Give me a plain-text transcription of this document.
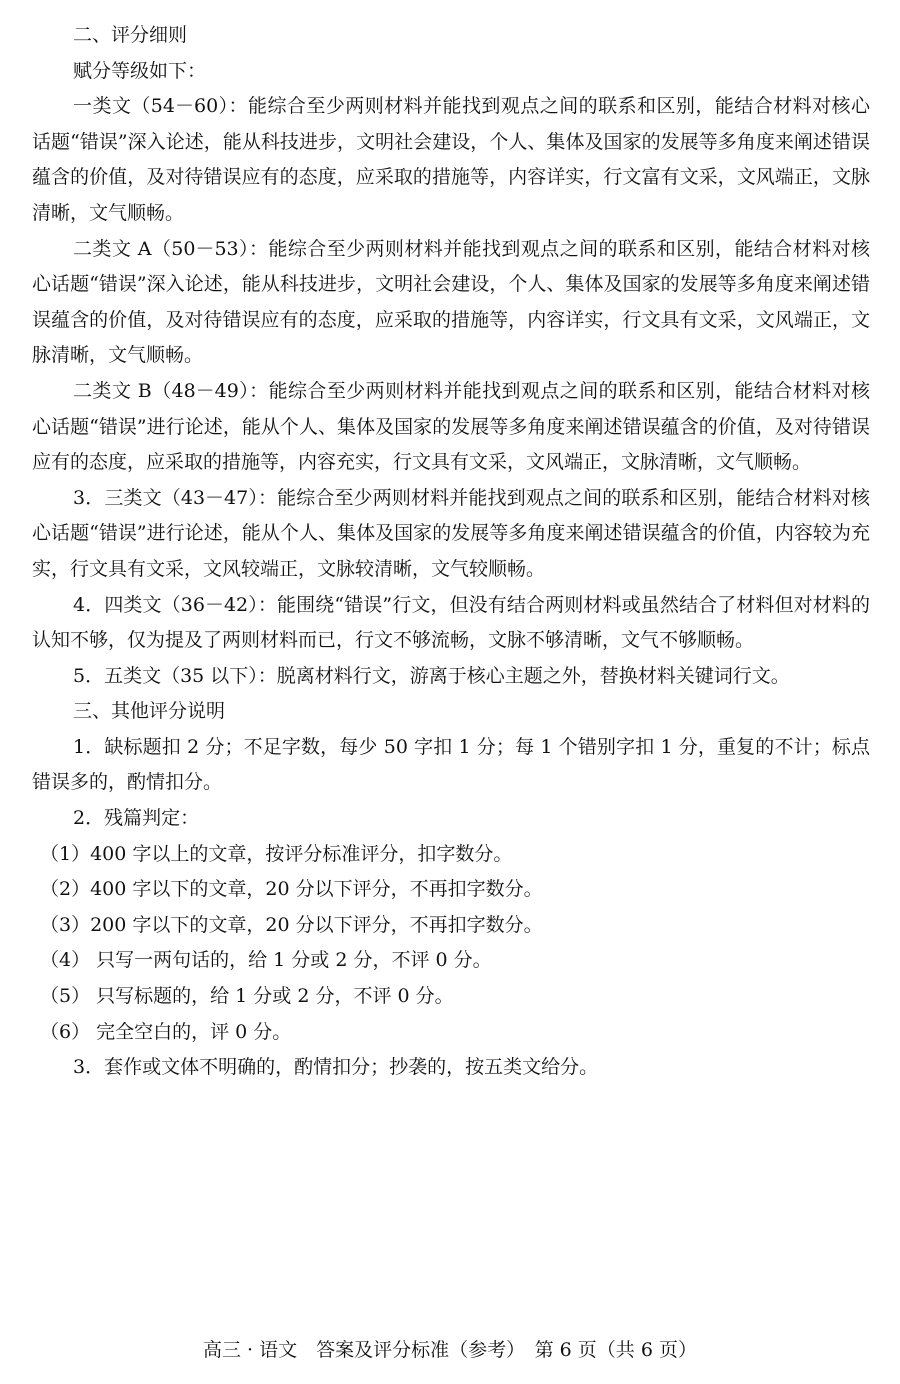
二、评分细则

赋分等级如下：

一类文（54－60）：能综合至少两则材料并能找到观点之间的联系和区别，能结合材料对核心话题“错误”深入论述，能从科技进步，文明社会建设，个人、集体及国家的发展等多角度来阐述错误蕴含的价值，及对待错误应有的态度，应采取的措施等，内容详实，行文富有文采，文风端正，文脉清晰，文气顺畅。

二类文 A（50－53）：能综合至少两则材料并能找到观点之间的联系和区别，能结合材料对核心话题“错误”深入论述，能从科技进步，文明社会建设，个人、集体及国家的发展等多角度来阐述错误蕴含的价值，及对待错误应有的态度，应采取的措施等，内容详实，行文具有文采，文风端正，文脉清晰，文气顺畅。

二类文 B（48－49）：能综合至少两则材料并能找到观点之间的联系和区别，能结合材料对核心话题“错误”进行论述，能从个人、集体及国家的发展等多角度来阐述错误蕴含的价值，及对待错误应有的态度，应采取的措施等，内容充实，行文具有文采，文风端正，文脉清晰，文气顺畅。

3．三类文（43－47）：能综合至少两则材料并能找到观点之间的联系和区别，能结合材料对核心话题“错误”进行论述，能从个人、集体及国家的发展等多角度来阐述错误蕴含的价值，内容较为充实，行文具有文采，文风较端正，文脉较清晰，文气较顺畅。

4．四类文（36－42）：能围绕“错误”行文，但没有结合两则材料或虽然结合了材料但对材料的认知不够，仅为提及了两则材料而已，行文不够流畅，文脉不够清晰，文气不够顺畅。

5．五类文（35 以下）：脱离材料行文，游离于核心主题之外，替换材料关键词行文。

三、其他评分说明

1．缺标题扣 2 分；不足字数，每少 50 字扣 1 分；每 1 个错别字扣 1 分，重复的不计；标点错误多的，酌情扣分。

2．残篇判定：

（1）400 字以上的文章，按评分标准评分，扣字数分。

（2）400 字以下的文章，20 分以下评分，不再扣字数分。

（3）200 字以下的文章，20 分以下评分，不再扣字数分。

（4） 只写一两句话的，给 1 分或 2 分，不评 0 分。

（5） 只写标题的，给 1 分或 2 分，不评 0 分。

（6） 完全空白的，评 0 分。

3．套作或文体不明确的，酌情扣分；抄袭的，按五类文给分。

高三 · 语文　答案及评分标准（参考）　第 6 页（共 6 页）
